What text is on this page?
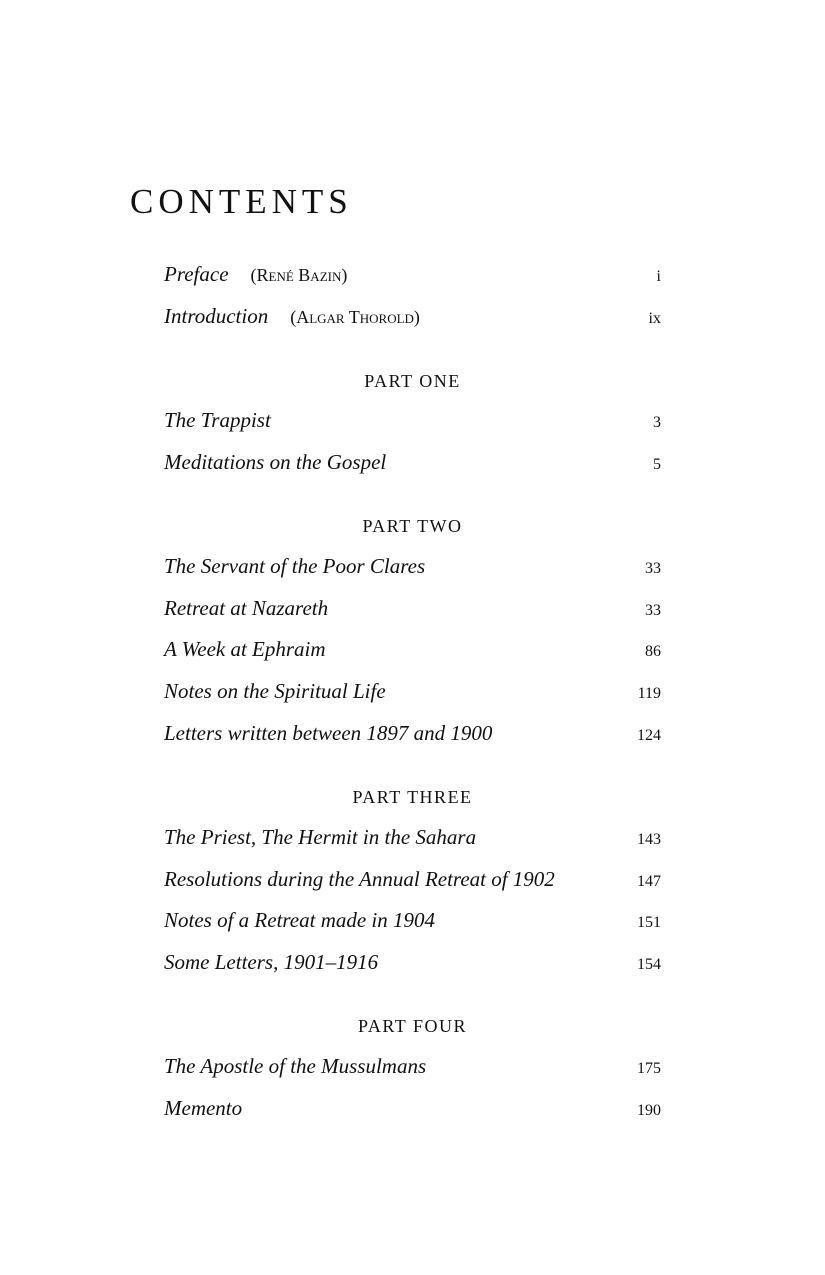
CONTENTS
Preface (René Bazin)	i
Introduction (Algar Thorold)	ix
PART ONE
The Trappist	3
Meditations on the Gospel	5
PART TWO
The Servant of the Poor Clares	33
Retreat at Nazareth	33
A Week at Ephraim	86
Notes on the Spiritual Life	119
Letters written between 1897 and 1900	124
PART THREE
The Priest, The Hermit in the Sahara	143
Resolutions during the Annual Retreat of 1902	147
Notes of a Retreat made in 1904	151
Some Letters, 1901–1916	154
PART FOUR
The Apostle of the Mussulmans	175
Memento	190
